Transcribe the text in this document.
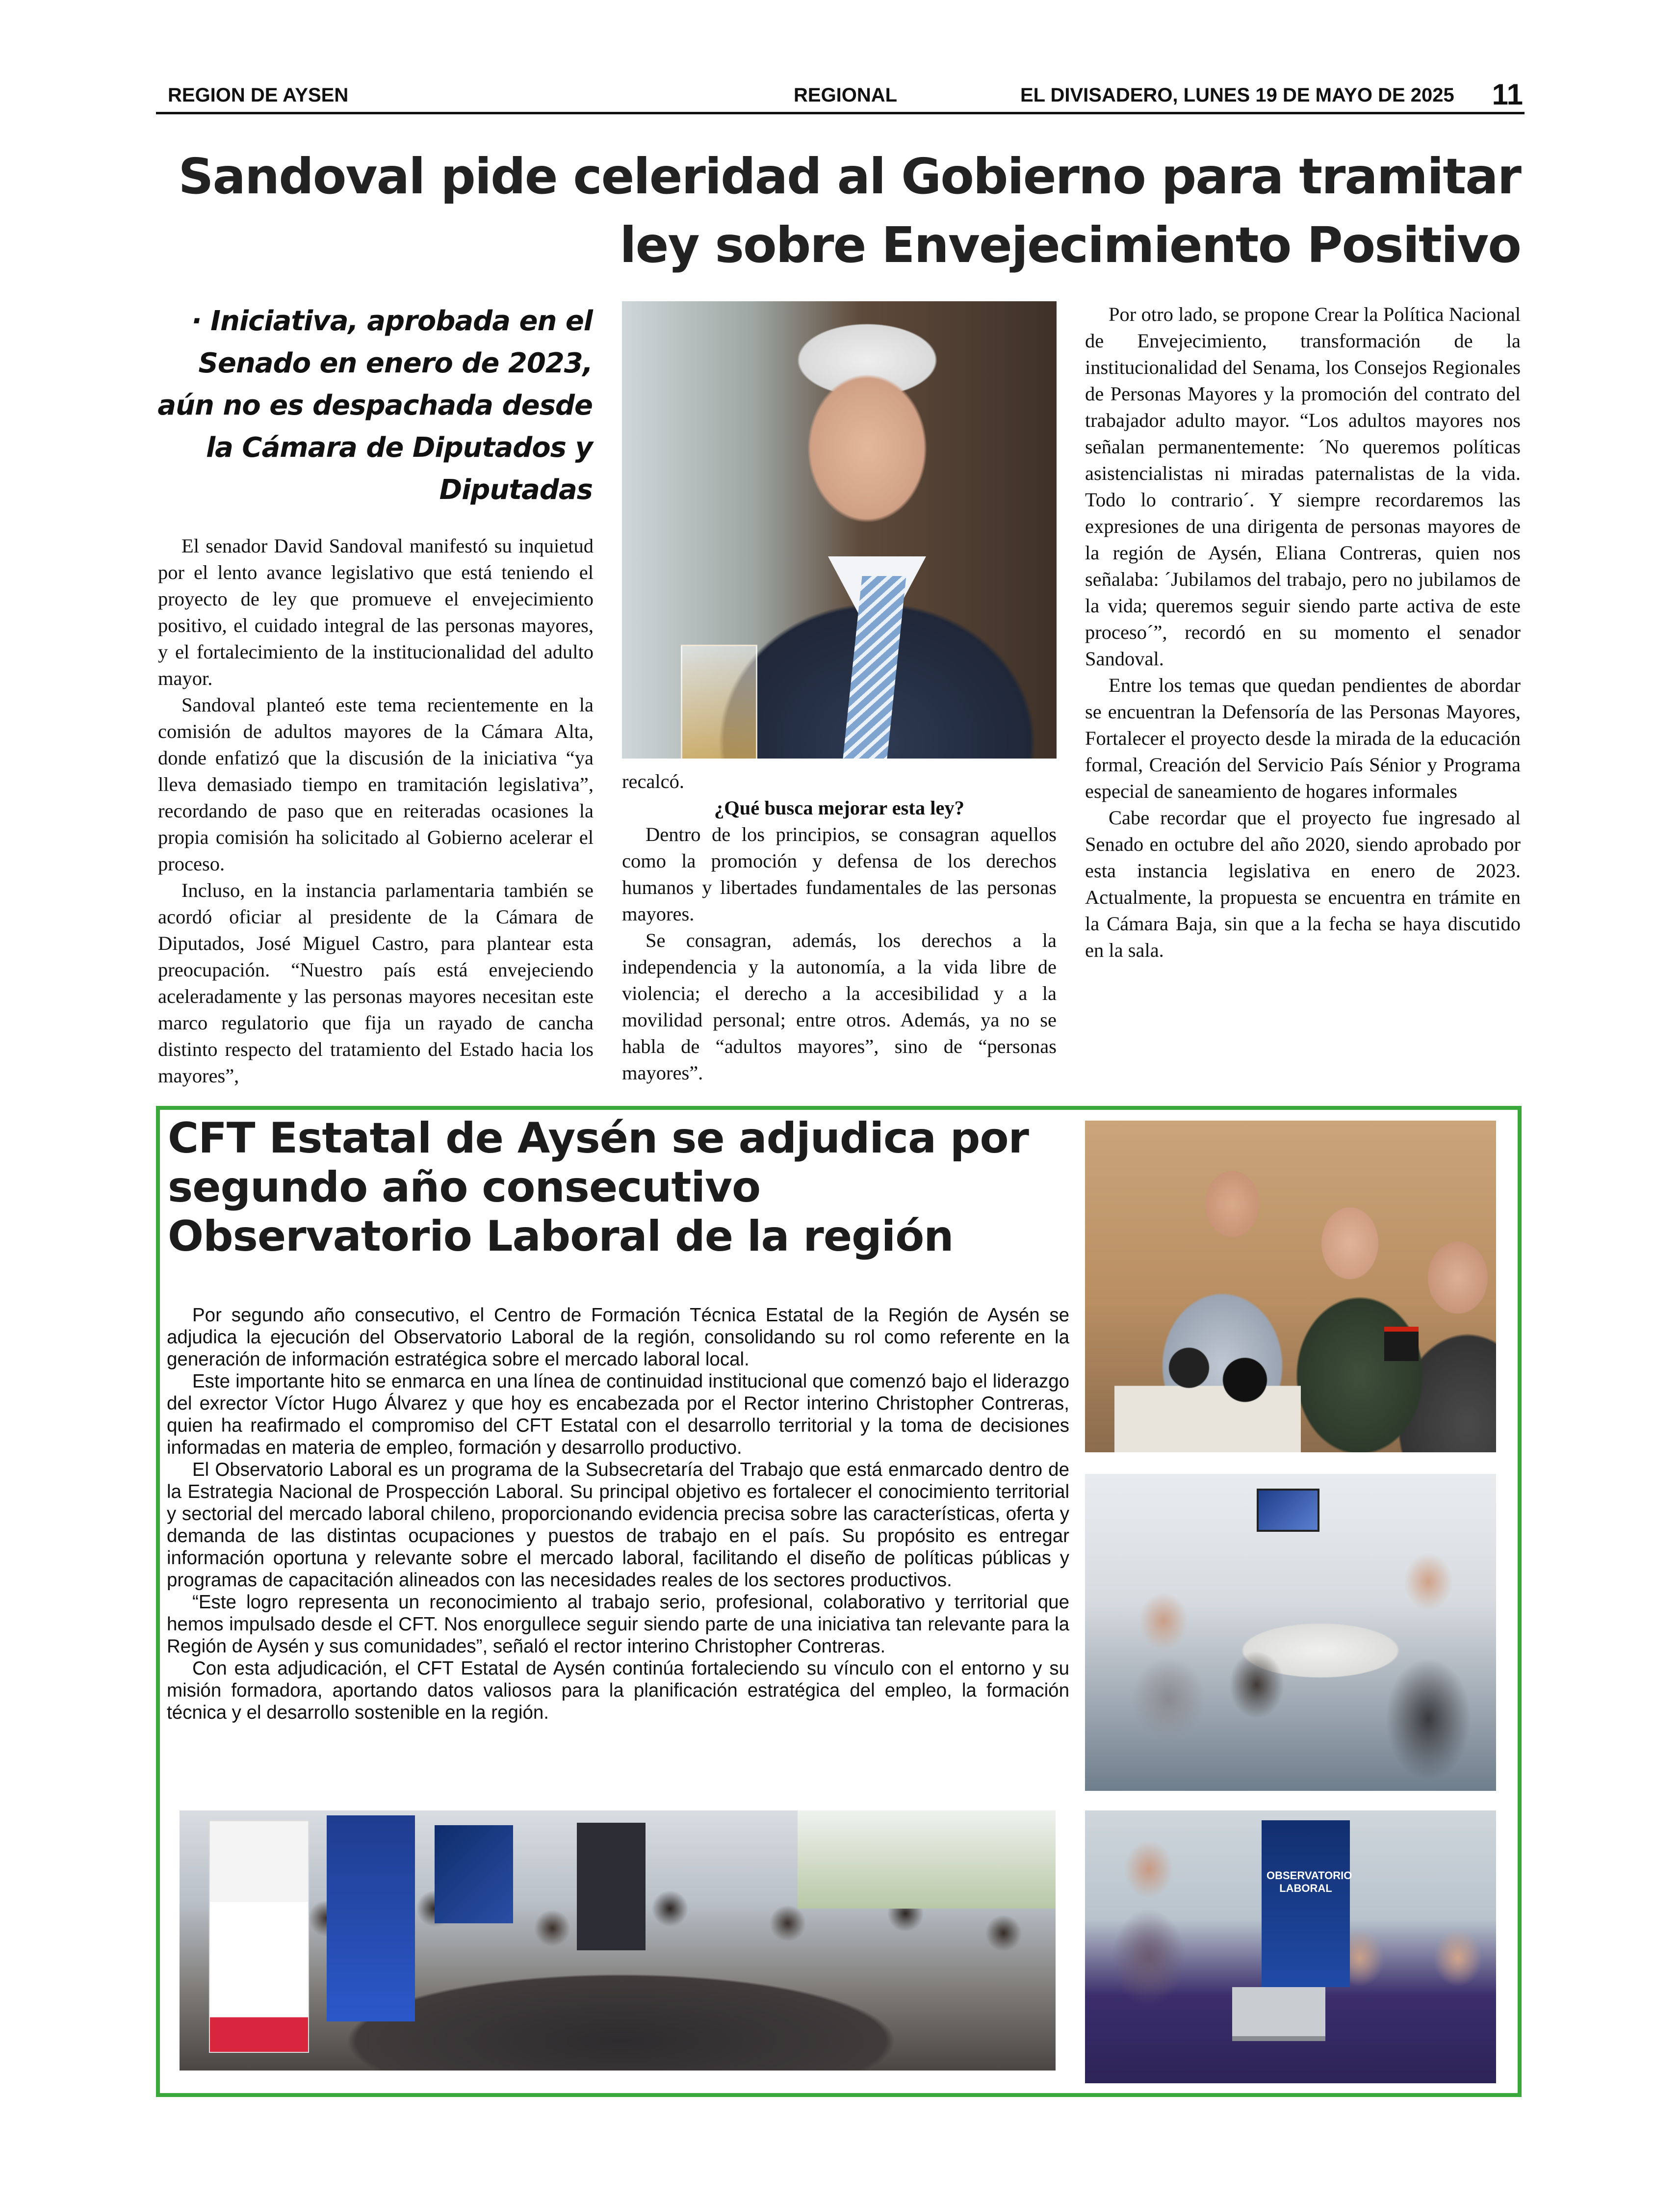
REGION DE AYSEN	REGIONAL	EL DIVISADERO, LUNES 19 DE MAYO DE 2025 11
Sandoval pide celeridad al Gobierno para tramitar
ley sobre Envejecimiento Positivo
· Iniciativa, aprobada en el Senado en enero de 2023, aún no es despachada desde la Cámara de Diputados y Diputadas

El senador David Sandoval manifestó su inquietud por el lento avance legislativo que está teniendo el proyecto de ley que promueve el envejecimiento positivo, el cuidado integral de las personas mayores, y el fortalecimiento de la institucionalidad del adulto mayor.

Sandoval planteó este tema recientemente en la comisión de adultos mayores de la Cámara Alta, donde enfatizó que la discusión de la iniciativa “ya lleva demasiado tiempo en tramitación legislativa”, recordando de paso que en reiteradas ocasiones la propia comisión ha solicitado al Gobierno acelerar el proceso.

Incluso, en la instancia parlamentaria también se acordó oficiar al presidente de la Cámara de Diputados, José Miguel Castro, para plantear esta preocupación. “Nuestro país está envejeciendo aceleradamente y las personas mayores necesitan este marco regulatorio que fija un rayado de cancha distinto respecto del tratamiento del Estado hacia los mayores”,

recalcó.

¿Qué busca mejorar esta ley?

Dentro de los principios, se consagran aquellos como la promoción y defensa de los derechos humanos y libertades fundamentales de las personas mayores.

Se consagran, además, los derechos a la independencia y la autonomía, a la vida libre de violencia; el derecho a la accesibilidad y a la movilidad personal; entre otros. Además, ya no se habla de “adultos mayores”, sino de “personas mayores”.

Por otro lado, se propone Crear la Política Nacional de Envejecimiento, transformación de la institucionalidad del Senama, los Consejos Regionales de Personas Mayores y la promoción del contrato del trabajador adulto mayor. “Los adultos mayores nos señalan permanentemente: ´No queremos políticas asistencialistas ni miradas paternalistas de la vida. Todo lo contrario´. Y siempre recordaremos las expresiones de una dirigenta de personas mayores de la región de Aysén, Eliana Contreras, quien nos señalaba: ´Jubilamos del trabajo, pero no jubilamos de la vida; queremos seguir siendo parte activa de este proceso´”, recordó en su momento el senador Sandoval.

Entre los temas que quedan pendientes de abordar se encuentran la Defensoría de las Personas Mayores, Fortalecer el proyecto desde la mirada de la educación formal, Creación del Servicio País Sénior y Programa especial de saneamiento de hogares informales

Cabe recordar que el proyecto fue ingresado al Senado en octubre del año 2020, siendo aprobado por esta instancia legislativa en enero de 2023. Actualmente, la propuesta se encuentra en trámite en la Cámara Baja, sin que a la fecha se haya discutido en la sala.

CFT Estatal de Aysén se adjudica por segundo año consecutivo Observatorio Laboral de la región

Por segundo año consecutivo, el Centro de Formación Técnica Estatal de la Región de Aysén se adjudica la ejecución del Observatorio Laboral de la región, consolidando su rol como referente en la generación de información estratégica sobre el mercado laboral local.

Este importante hito se enmarca en una línea de continuidad institucional que comenzó bajo el liderazgo del exrector Víctor Hugo Álvarez y que hoy es encabezada por el Rector interino Christopher Contreras, quien ha reafirmado el compromiso del CFT Estatal con el desarrollo territorial y la toma de decisiones informadas en materia de empleo, formación y desarrollo productivo.

El Observatorio Laboral es un programa de la Subsecretaría del Trabajo que está enmarcado dentro de la Estrategia Nacional de Prospección Laboral. Su principal objetivo es fortalecer el conocimiento territorial y sectorial del mercado laboral chileno, proporcionando evidencia precisa sobre las características, oferta y demanda de las distintas ocupaciones y puestos de trabajo en el país. Su propósito es entregar información oportuna y relevante sobre el mercado laboral, facilitando el diseño de políticas públicas y programas de capacitación alineados con las necesidades reales de los sectores productivos.

“Este logro representa un reconocimiento al trabajo serio, profesional, colaborativo y territorial que hemos impulsado desde el CFT. Nos enorgullece seguir siendo parte de una iniciativa tan relevante para la Región de Aysén y sus comunidades”, señaló el rector interino Christopher Contreras.

Con esta adjudicación, el CFT Estatal de Aysén continúa fortaleciendo su vínculo con el entorno y su misión formadora, aportando datos valiosos para la planificación estratégica del empleo, la formación técnica y el desarrollo sostenible en la región.

OBSERVATORIO LABORAL
